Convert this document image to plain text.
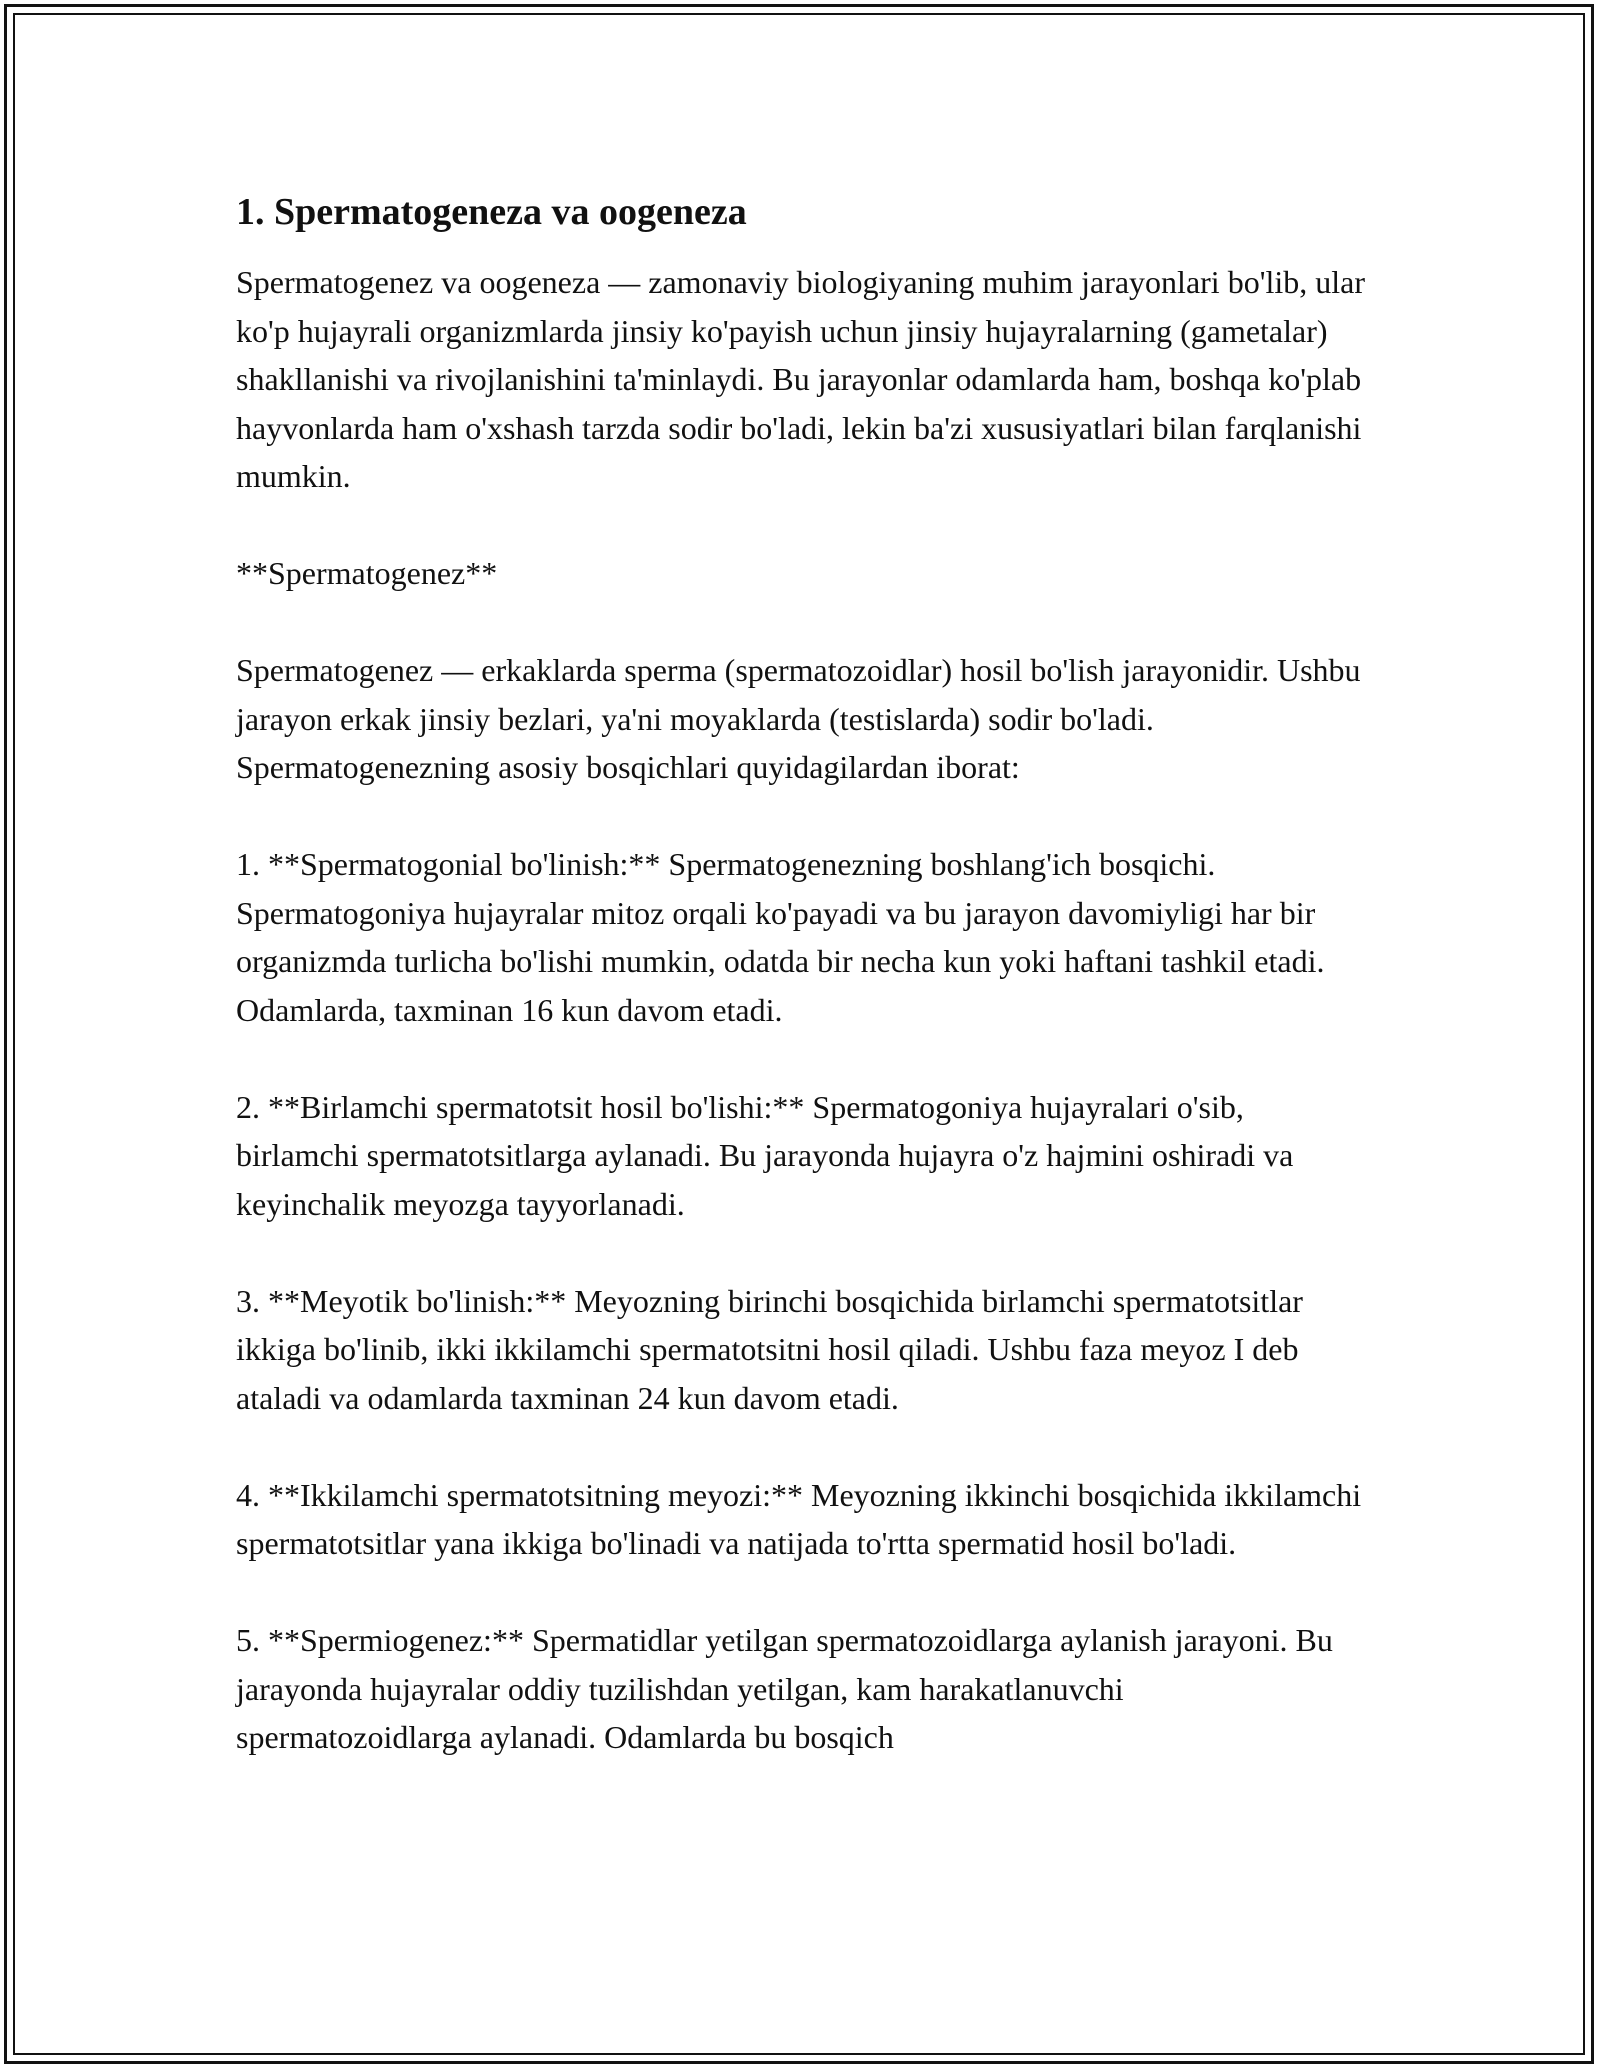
1. Spermatogeneza va oogeneza

Spermatogenez va oogeneza — zamonaviy biologiyaning muhim jarayonlari bo'lib, ular ko'p hujayrali organizmlarda jinsiy ko'payish uchun jinsiy hujayralarning (gametalar) shakllanishi va rivojlanishini ta'minlaydi. Bu jarayonlar odamlarda ham, boshqa ko'plab hayvonlarda ham o'xshash tarzda sodir bo'ladi, lekin ba'zi xususiyatlari bilan farqlanishi mumkin.

**Spermatogenez**

Spermatogenez — erkaklarda sperma (spermatozoidlar) hosil bo'lish jarayonidir. Ushbu jarayon erkak jinsiy bezlari, ya'ni moyaklarda (testislarda) sodir bo'ladi. Spermatogenezning asosiy bosqichlari quyidagilardan iborat:

1. **Spermatogonial bo'linish:** Spermatogenezning boshlang'ich bosqichi. Spermatogoniya hujayralar mitoz orqali ko'payadi va bu jarayon davomiyligi har bir organizmda turlicha bo'lishi mumkin, odatda bir necha kun yoki haftani tashkil etadi. Odamlarda, taxminan 16 kun davom etadi.

2. **Birlamchi spermatotsit hosil bo'lishi:** Spermatogoniya hujayralari o'sib, birlamchi spermatotsitlarga aylanadi. Bu jarayonda hujayra o'z hajmini oshiradi va keyinchalik meyozga tayyorlanadi.

3. **Meyotik bo'linish:** Meyozning birinchi bosqichida birlamchi spermatotsitlar ikkiga bo'linib, ikki ikkilamchi spermatotsitni hosil qiladi. Ushbu faza meyoz I deb ataladi va odamlarda taxminan 24 kun davom etadi.

4. **Ikkilamchi spermatotsitning meyozi:** Meyozning ikkinchi bosqichida ikkilamchi spermatotsitlar yana ikkiga bo'linadi va natijada to'rtta spermatid hosil bo'ladi.

5. **Spermiogenez:** Spermatidlar yetilgan spermatozoidlarga aylanish jarayoni. Bu jarayonda hujayralar oddiy tuzilishdan yetilgan, kam harakatlanuvchi spermatozoidlarga aylanadi. Odamlarda bu bosqich
